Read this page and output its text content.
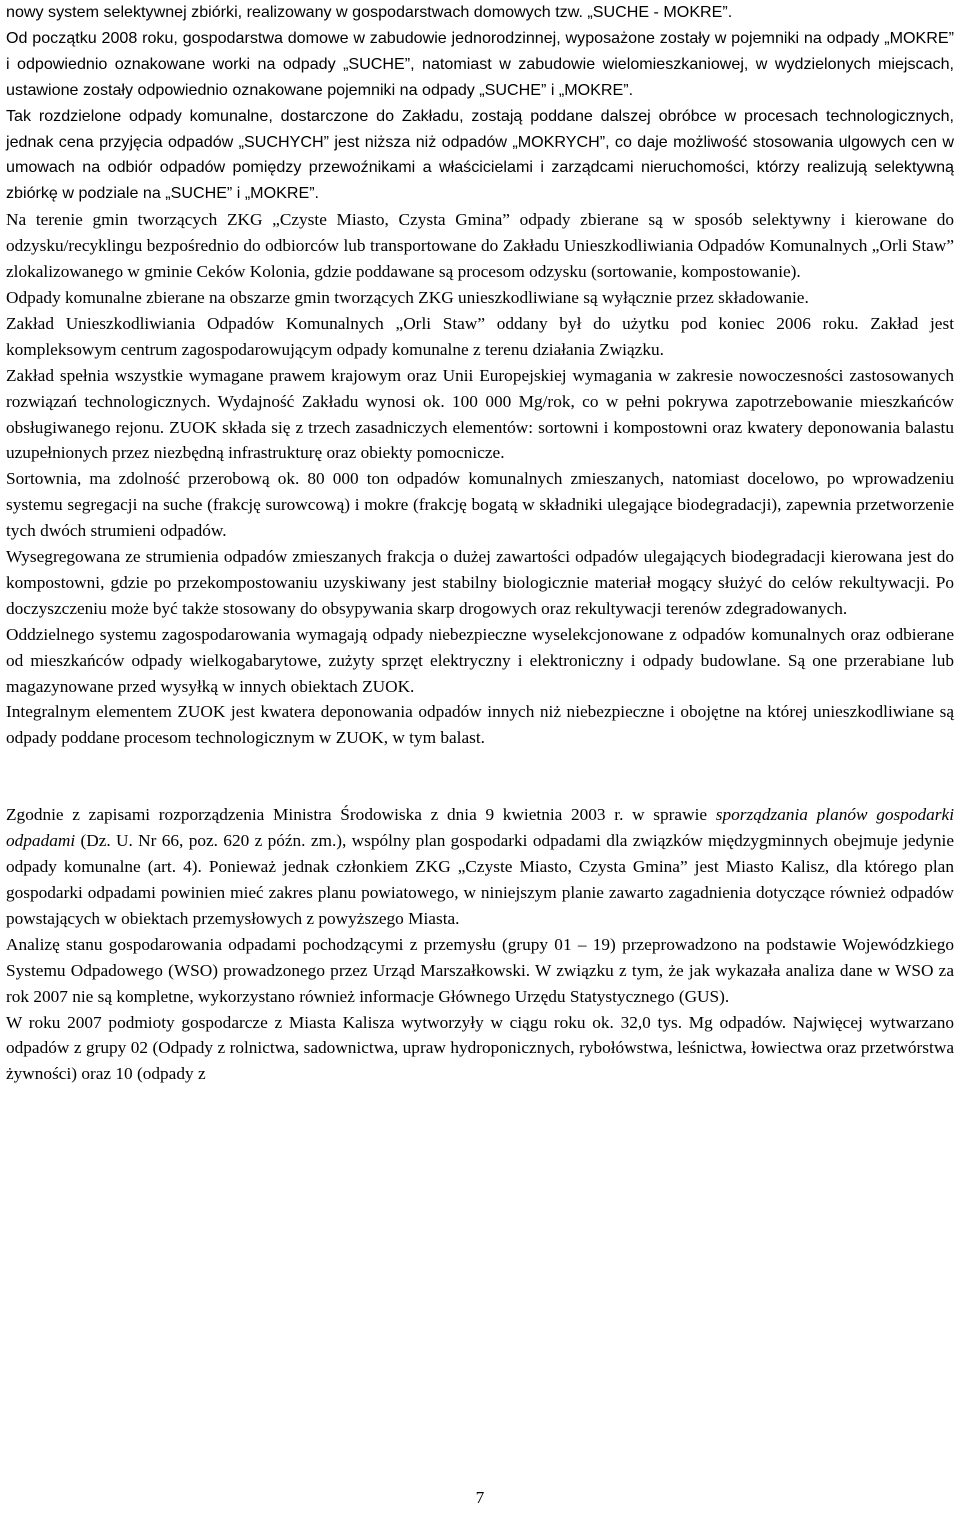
nowy system selektywnej zbiórki, realizowany w gospodarstwach domowych tzw. „SUCHE - MOKRE”.

Od początku 2008 roku, gospodarstwa domowe w zabudowie jednorodzinnej, wyposażone zostały w pojemniki na odpady „MOKRE” i odpowiednio oznakowane worki na odpady „SUCHE”, natomiast w zabudowie wielomieszkaniowej, w wydzielonych miejscach, ustawione zostały odpowiednio oznakowane pojemniki na odpady „SUCHE” i „MOKRE”.

Tak rozdzielone odpady komunalne, dostarczone do Zakładu, zostają poddane dalszej obróbce w procesach technologicznych, jednak cena przyjęcia odpadów „SUCHYCH” jest niższa niż odpadów „MOKRYCH”, co daje możliwość stosowania ulgowych cen w umowach na odbiór odpadów pomiędzy przewoźnikami a właścicielami i zarządcami nieruchomości, którzy realizują selektywną zbiórkę w podziale na „SUCHE” i „MOKRE”.

Na terenie gmin tworzących ZKG „Czyste Miasto, Czysta Gmina” odpady zbierane są w sposób selektywny i kierowane do odzysku/recyklingu bezpośrednio do odbiorców lub transportowane do Zakładu Unieszkodliwiania Odpadów Komunalnych „Orli Staw” zlokalizowanego w gminie Ceków Kolonia, gdzie poddawane są procesom odzysku (sortowanie, kompostowanie).

Odpady komunalne zbierane na obszarze gmin tworzących ZKG unieszkodliwiane są wyłącznie przez składowanie.

Zakład Unieszkodliwiania Odpadów Komunalnych „Orli Staw” oddany był do użytku pod koniec 2006 roku. Zakład jest kompleksowym centrum zagospodarowującym odpady komunalne z terenu działania Związku.

Zakład spełnia wszystkie wymagane prawem krajowym oraz Unii Europejskiej wymagania w zakresie nowoczesności zastosowanych rozwiązań technologicznych. Wydajność Zakładu wynosi ok. 100 000 Mg/rok, co w pełni pokrywa zapotrzebowanie mieszkańców obsługiwanego rejonu. ZUOK składa się z trzech zasadniczych elementów: sortowni i kompostowni oraz kwatery deponowania balastu uzupełnionych przez niezbędną infrastrukturę oraz obiekty pomocnicze.

Sortownia, ma zdolność przerobową ok. 80 000 ton odpadów komunalnych zmieszanych, natomiast docelowo, po wprowadzeniu systemu segregacji na suche (frakcję surowcową) i mokre (frakcję bogatą w składniki ulegające biodegradacji), zapewnia przetworzenie tych dwóch strumieni odpadów.

Wysegregowana ze strumienia odpadów zmieszanych frakcja o dużej zawartości odpadów ulegających biodegradacji kierowana jest do kompostowni, gdzie po przekompostowaniu uzyskiwany jest stabilny biologicznie materiał mogący służyć do celów rekultywacji. Po doczyszczeniu może być także stosowany do obsypywania skarp drogowych oraz rekultywacji terenów zdegradowanych.

Oddzielnego systemu zagospodarowania wymagają odpady niebezpieczne wyselekcjonowane z odpadów komunalnych oraz odbierane od mieszkańców odpady wielkogabarytowe, zużyty sprzęt elektryczny i elektroniczny i odpady budowlane. Są one przerabiane lub magazynowane przed wysyłką w innych obiektach ZUOK.

Integralnym elementem ZUOK jest kwatera deponowania odpadów innych niż niebezpieczne i obojętne na której unieszkodliwiane są odpady poddane procesom technologicznym w ZUOK, w tym balast.

Zgodnie z zapisami rozporządzenia Ministra Środowiska z dnia 9 kwietnia 2003 r. w sprawie sporządzania planów gospodarki odpadami (Dz. U. Nr 66, poz. 620 z późn. zm.), wspólny plan gospodarki odpadami dla związków międzygminnych obejmuje jedynie odpady komunalne (art. 4). Ponieważ jednak członkiem ZKG „Czyste Miasto, Czysta Gmina” jest Miasto Kalisz, dla którego plan gospodarki odpadami powinien mieć zakres planu powiatowego, w niniejszym planie zawarto zagadnienia dotyczące również odpadów powstających w obiektach przemysłowych z powyższego Miasta.

Analizę stanu gospodarowania odpadami pochodzącymi z przemysłu (grupy 01 – 19) przeprowadzono na podstawie Wojewódzkiego Systemu Odpadowego (WSO) prowadzonego przez Urząd Marszałkowski. W związku z tym, że jak wykazała analiza dane w WSO za rok 2007 nie są kompletne, wykorzystano również informacje Głównego Urzędu Statystycznego (GUS).

W roku 2007 podmioty gospodarcze z Miasta Kalisza wytworzyły w ciągu roku ok. 32,0 tys. Mg odpadów. Najwięcej wytwarzano odpadów z grupy 02 (Odpady z rolnictwa, sadownictwa, upraw hydroponicznych, rybołówstwa, leśnictwa, łowiectwa oraz przetwórstwa żywności) oraz 10 (odpady z

7
